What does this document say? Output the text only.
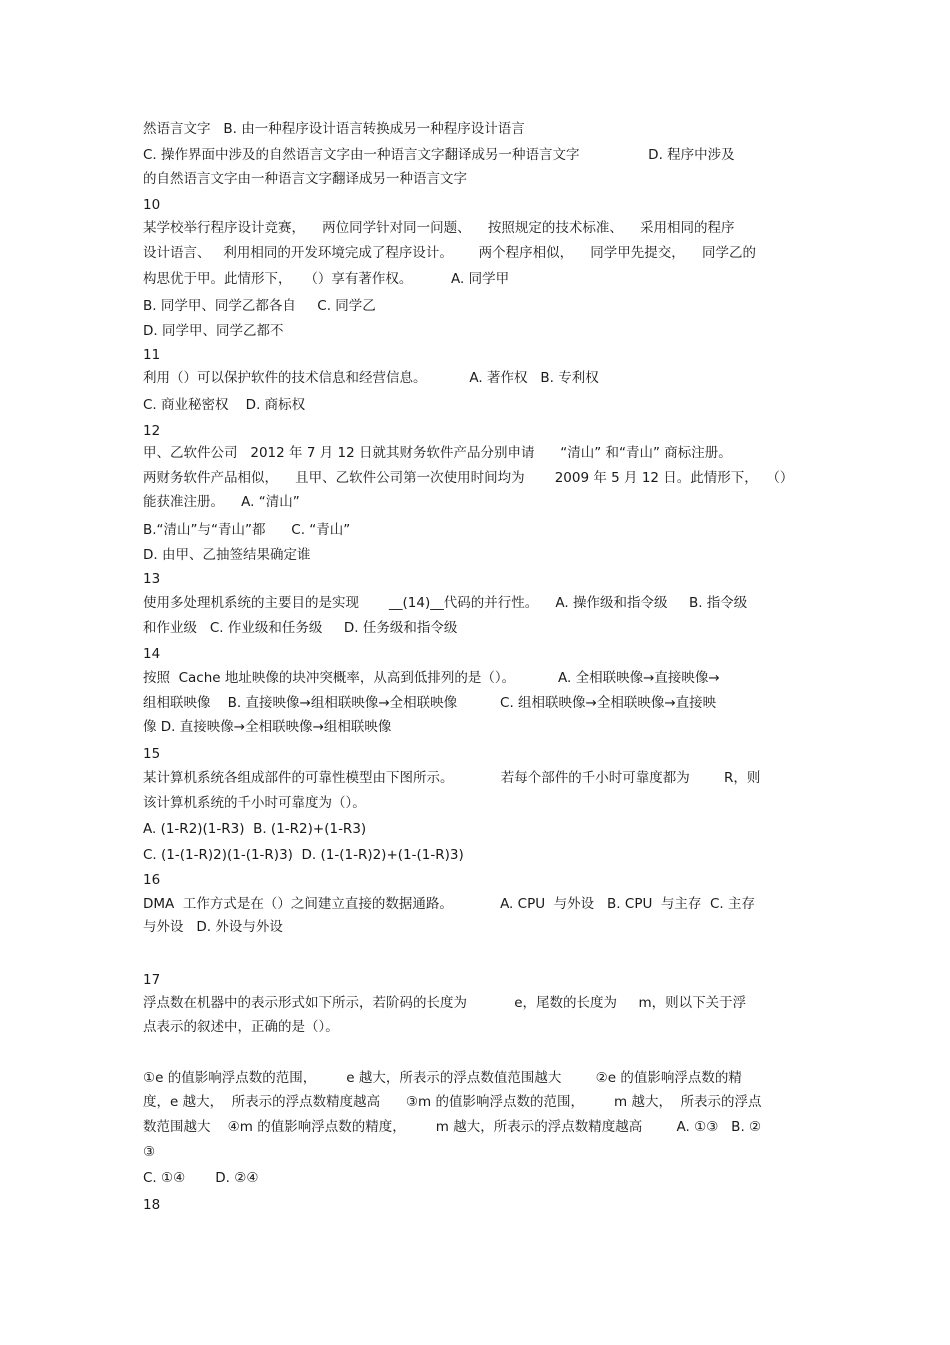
然语言文字   B. 由一种程序设计语言转换成另一种程序设计语言
C. 操作界面中涉及的自然语言文字由一种语言文字翻译成另一种语言文字                D. 程序中涉及
的自然语言文字由一种语言文字翻译成另一种语言文字
10
某学校举行程序设计竞赛，    两位同学针对同一问题、    按照规定的技术标准、    采用相同的程序
设计语言、   利用相同的开发环境完成了程序设计。      两个程序相似，    同学甲先提交，    同学乙的
构思优于甲。此情形下，   （）享有著作权。         A. 同学甲
B. 同学甲、同学乙都各自     C. 同学乙
D. 同学甲、同学乙都不
11
利用（）可以保护软件的技术信息和经营信息。          A. 著作权   B. 专利权
C. 商业秘密权    D. 商标权
12
甲、乙软件公司   2012 年 7 月 12 日就其财务软件产品分别申请      “清山” 和“青山” 商标注册。
两财务软件产品相似，    且甲、乙软件公司第一次使用时间均为       2009 年 5 月 12 日。此情形下，  （）
能获准注册。    A. “清山”
B.“清山”与“青山”都      C. “青山”
D. 由甲、乙抽签结果确定谁
13
使用多处理机系统的主要目的是实现       __(14)__代码的并行性。    A. 操作级和指令级     B. 指令级
和作业级   C. 作业级和任务级     D. 任务级和指令级
14
按照  Cache 地址映像的块冲突概率，从高到低排列的是（）。          A. 全相联映像→直接映像→
组相联映像    B. 直接映像→组相联映像→全相联映像          C. 组相联映像→全相联映像→直接映
像 D. 直接映像→全相联映像→组相联映像
15
某计算机系统各组成部件的可靠性模型由下图所示。           若每个部件的千小时可靠度都为        R，则
该计算机系统的千小时可靠度为（）。
A. (1-R2)(1-R3)  B. (1-R2)+(1-R3)
C. (1-(1-R)2)(1-(1-R)3)  D. (1-(1-R)2)+(1-(1-R)3)
16
DMA  工作方式是在（）之间建立直接的数据通路。           A. CPU  与外设   B. CPU  与主存  C. 主存
与外设   D. 外设与外设
17
浮点数在机器中的表示形式如下所示，若阶码的长度为           e，尾数的长度为     m，则以下关于浮
点表示的叙述中，正确的是（）。
①e 的值影响浮点数的范围，       e 越大，所表示的浮点数值范围越大        ②e 的值影响浮点数的精
度，e 越大，  所表示的浮点数精度越高      ③m 的值影响浮点数的范围，       m 越大，  所表示的浮点
数范围越大    ④m 的值影响浮点数的精度，       m 越大，所表示的浮点数精度越高        A. ①③   B. ②
③
C. ①④       D. ②④
18
